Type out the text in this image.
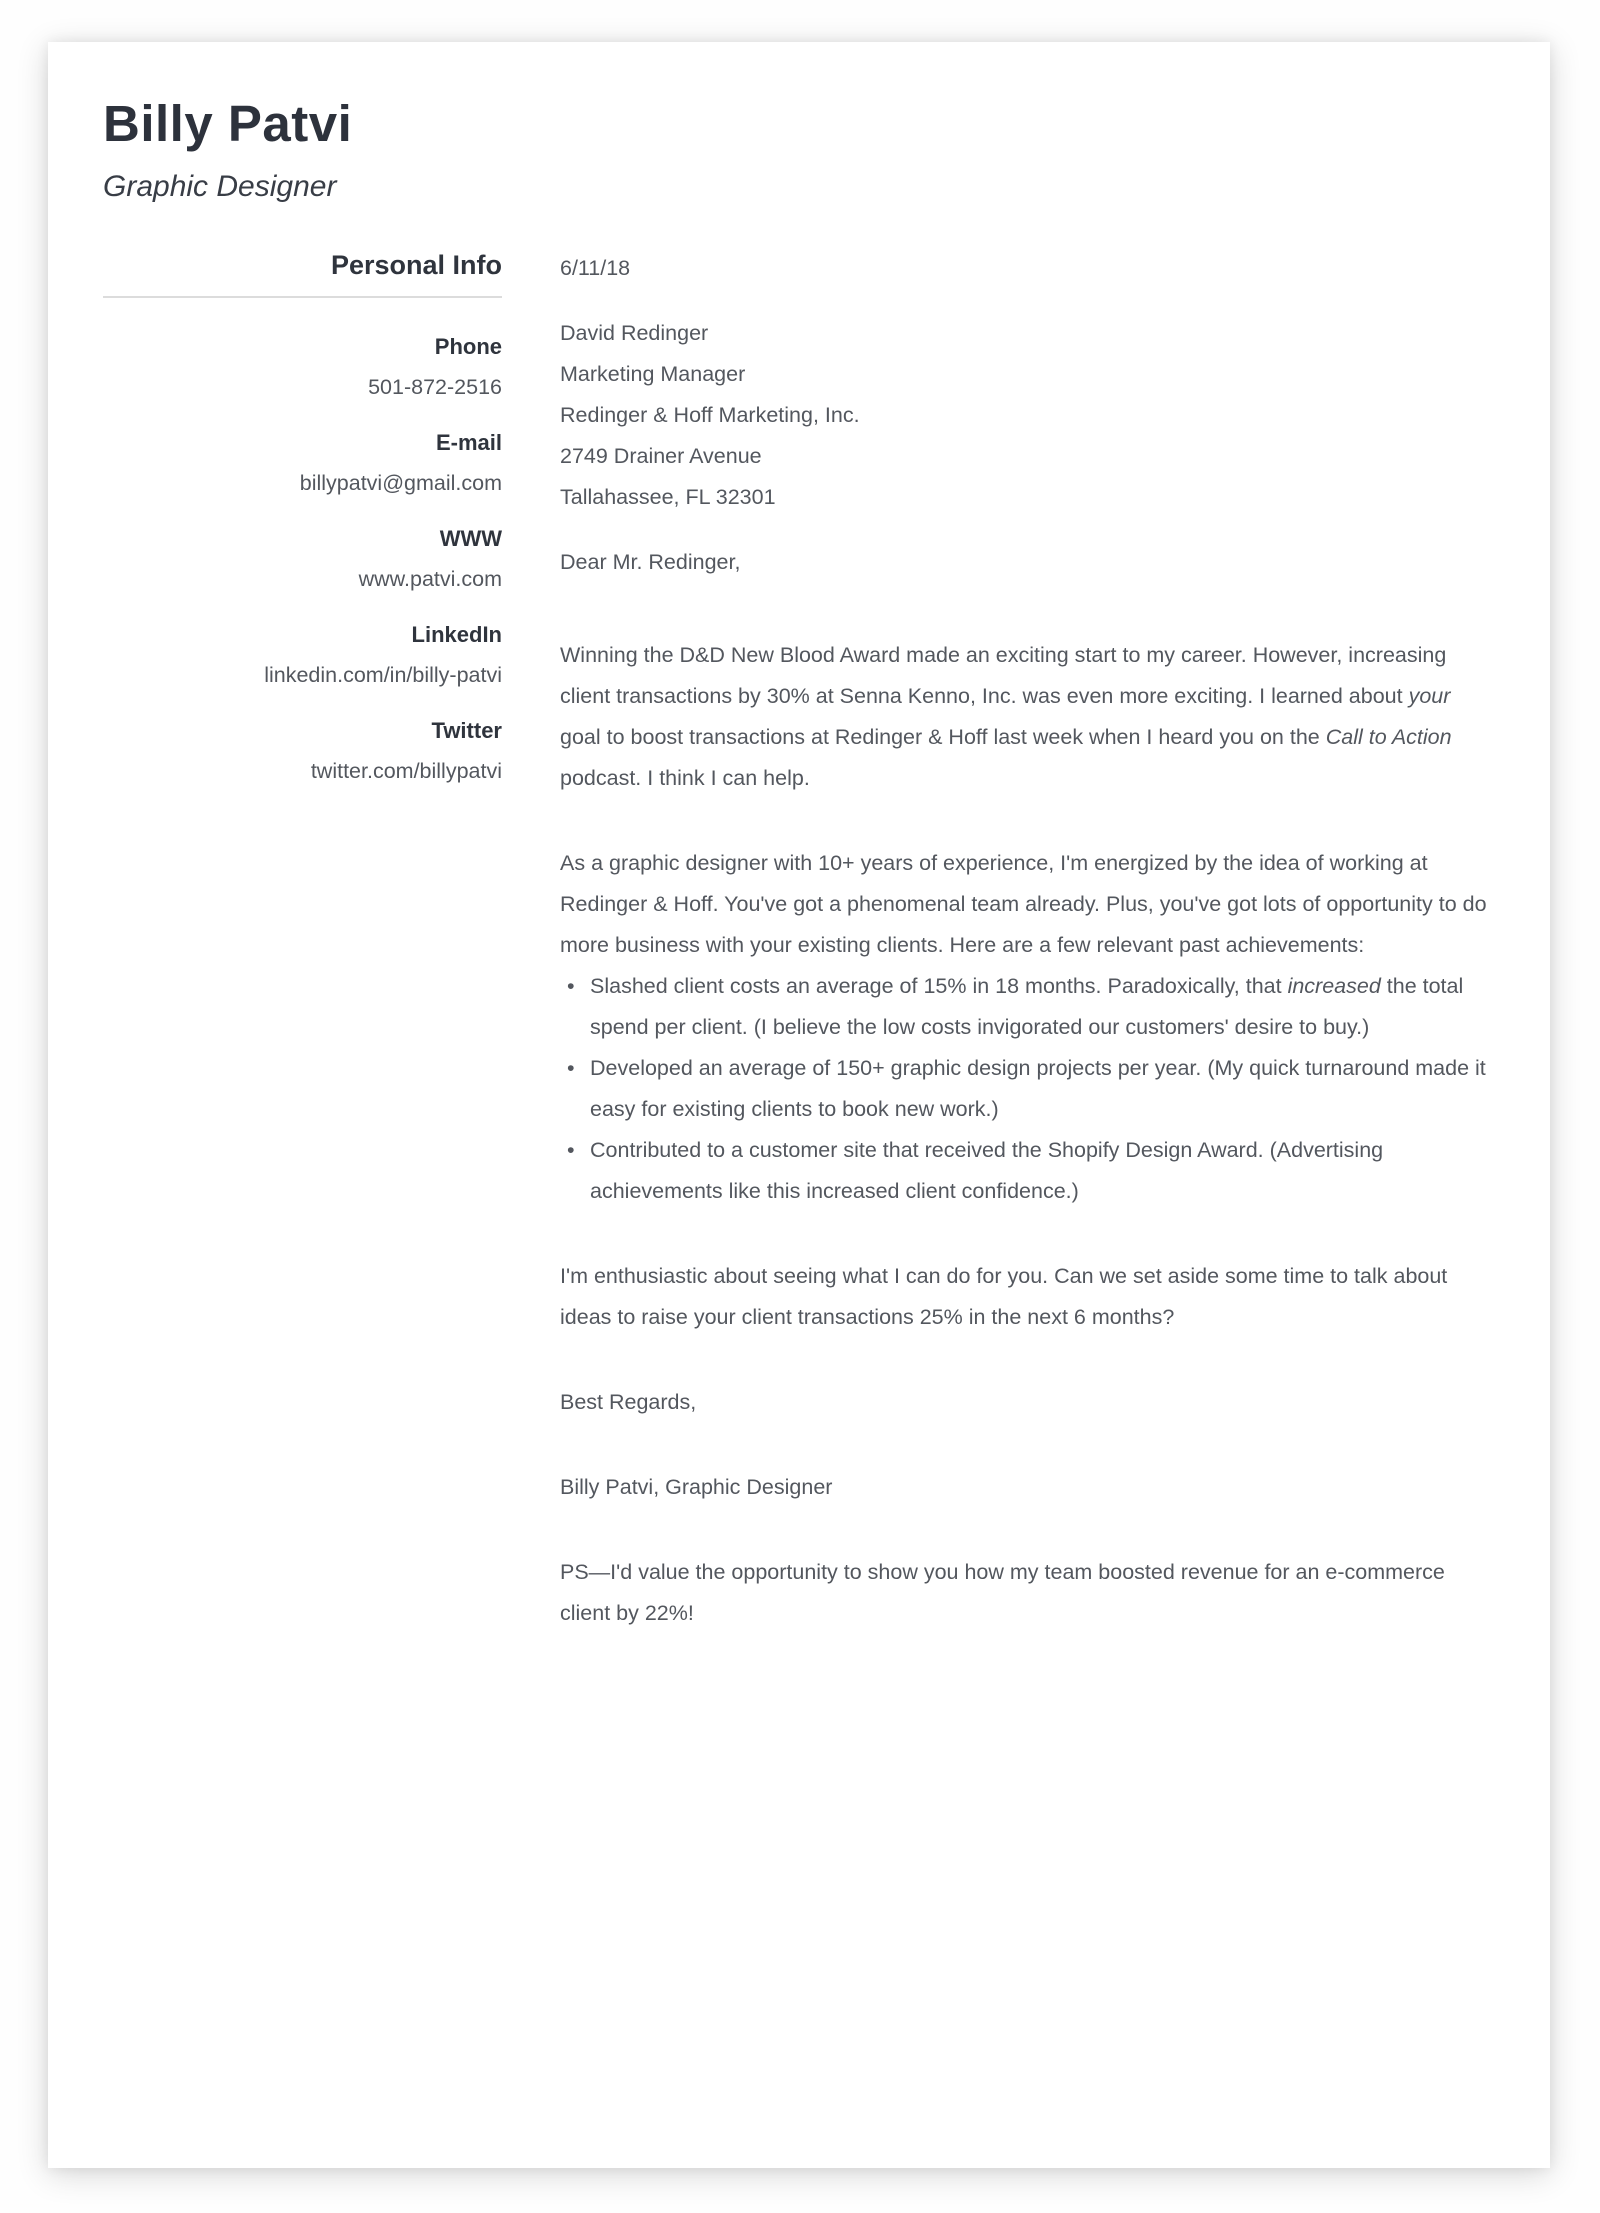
Billy Patvi
Graphic Designer
Personal Info
Phone
501-872-2516
E-mail
billypatvi@gmail.com
WWW
www.patvi.com
LinkedIn
linkedin.com/in/billy-patvi
Twitter
twitter.com/billypatvi
6/11/18
David Redinger
Marketing Manager
Redinger & Hoff Marketing, Inc.
2749 Drainer Avenue
Tallahassee, FL 32301

Dear Mr. Redinger,

Winning the D&D New Blood Award made an exciting start to my career. However, increasing client transactions by 30% at Senna Kenno, Inc. was even more exciting. I learned about your goal to boost transactions at Redinger & Hoff last week when I heard you on the Call to Action podcast. I think I can help.

As a graphic designer with 10+ years of experience, I'm energized by the idea of working at Redinger & Hoff. You've got a phenomenal team already. Plus, you've got lots of opportunity to do more business with your existing clients. Here are a few relevant past achievements:

• Slashed client costs an average of 15% in 18 months. Paradoxically, that increased the total spend per client. (I believe the low costs invigorated our customers' desire to buy.)
• Developed an average of 150+ graphic design projects per year. (My quick turnaround made it easy for existing clients to book new work.)
• Contributed to a customer site that received the Shopify Design Award. (Advertising achievements like this increased client confidence.)

I'm enthusiastic about seeing what I can do for you. Can we set aside some time to talk about ideas to raise your client transactions 25% in the next 6 months?

Best Regards,

Billy Patvi, Graphic Designer

PS—I'd value the opportunity to show you how my team boosted revenue for an e-commerce client by 22%!
